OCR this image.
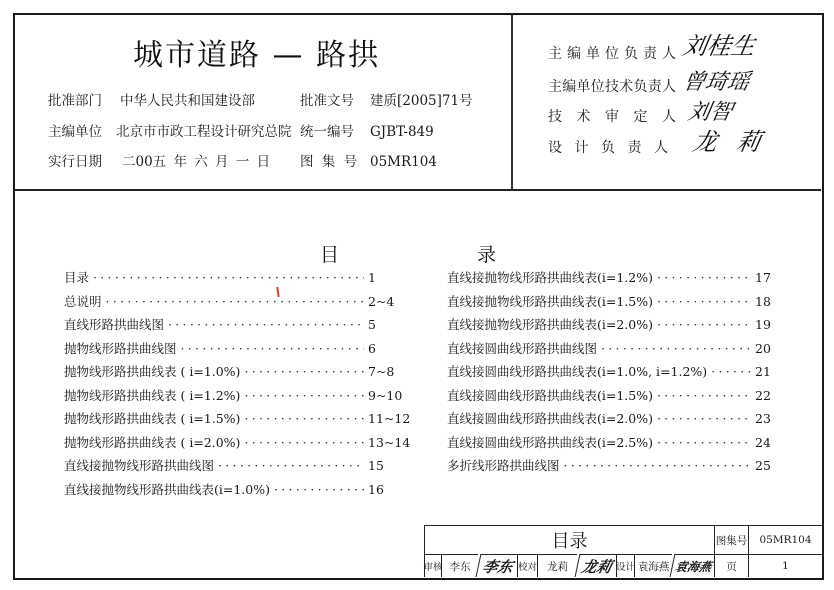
城市道路 — 路拱
批准部门 中华人民共和国建设部	批准文号 建质[2005]71号
主编单位 北京市市政工程设计研究总院 统一编号 GJBT-849
实行日期 二00五 年 六 月 一 日 图 集 号 05MR104
主 编 单 位 负 责 人 刘桂生
主 编 单 位 技 术 负 责 人 曾琦瑶
技 术 审 定 人 刘智
设 计 负 责 人 龙 莉
目	录
目录 ·····	1
总说明 ·····	2~4
直线形路拱曲线图 ·····	5
抛物线形路拱曲线图 ·····	6
抛物线形路拱曲线表 ( i=1.0%) ·····	7~8
抛物线形路拱曲线表 ( i=1.2%) ·····	9~10
抛物线形路拱曲线表 ( i=1.5%) ·····	11~12
抛物线形路拱曲线表 ( i=2.0%) ·····	13~14
直线接抛物线形路拱曲线图 ·····	15
直线接抛物线形路拱曲线表(i=1.0%) ·····	16
直线接抛物线形路拱曲线表(i=1.2%) ·····	17
直线接抛物线形路拱曲线表(i=1.5%) ·····	18
直线接抛物线形路拱曲线表(i=2.0%) ·····	19
直线接圆曲线形路拱曲线图 ·····	20
直线接圆曲线形路拱曲线表(i=1.0%, i=1.2%) ·····	21
直线接圆曲线形路拱曲线表(i=1.5%) ·····	22
直线接圆曲线形路拱曲线表(i=2.0%) ·····	23
直线接圆曲线形路拱曲线表(i=2.5%) ·····	24
多折线形路拱曲线图 ·····	25
目录	图集号	05MR104
审核 李东 李东 校对 龙莉 龙莉 设计 袁海燕 袁海燕	页	1
